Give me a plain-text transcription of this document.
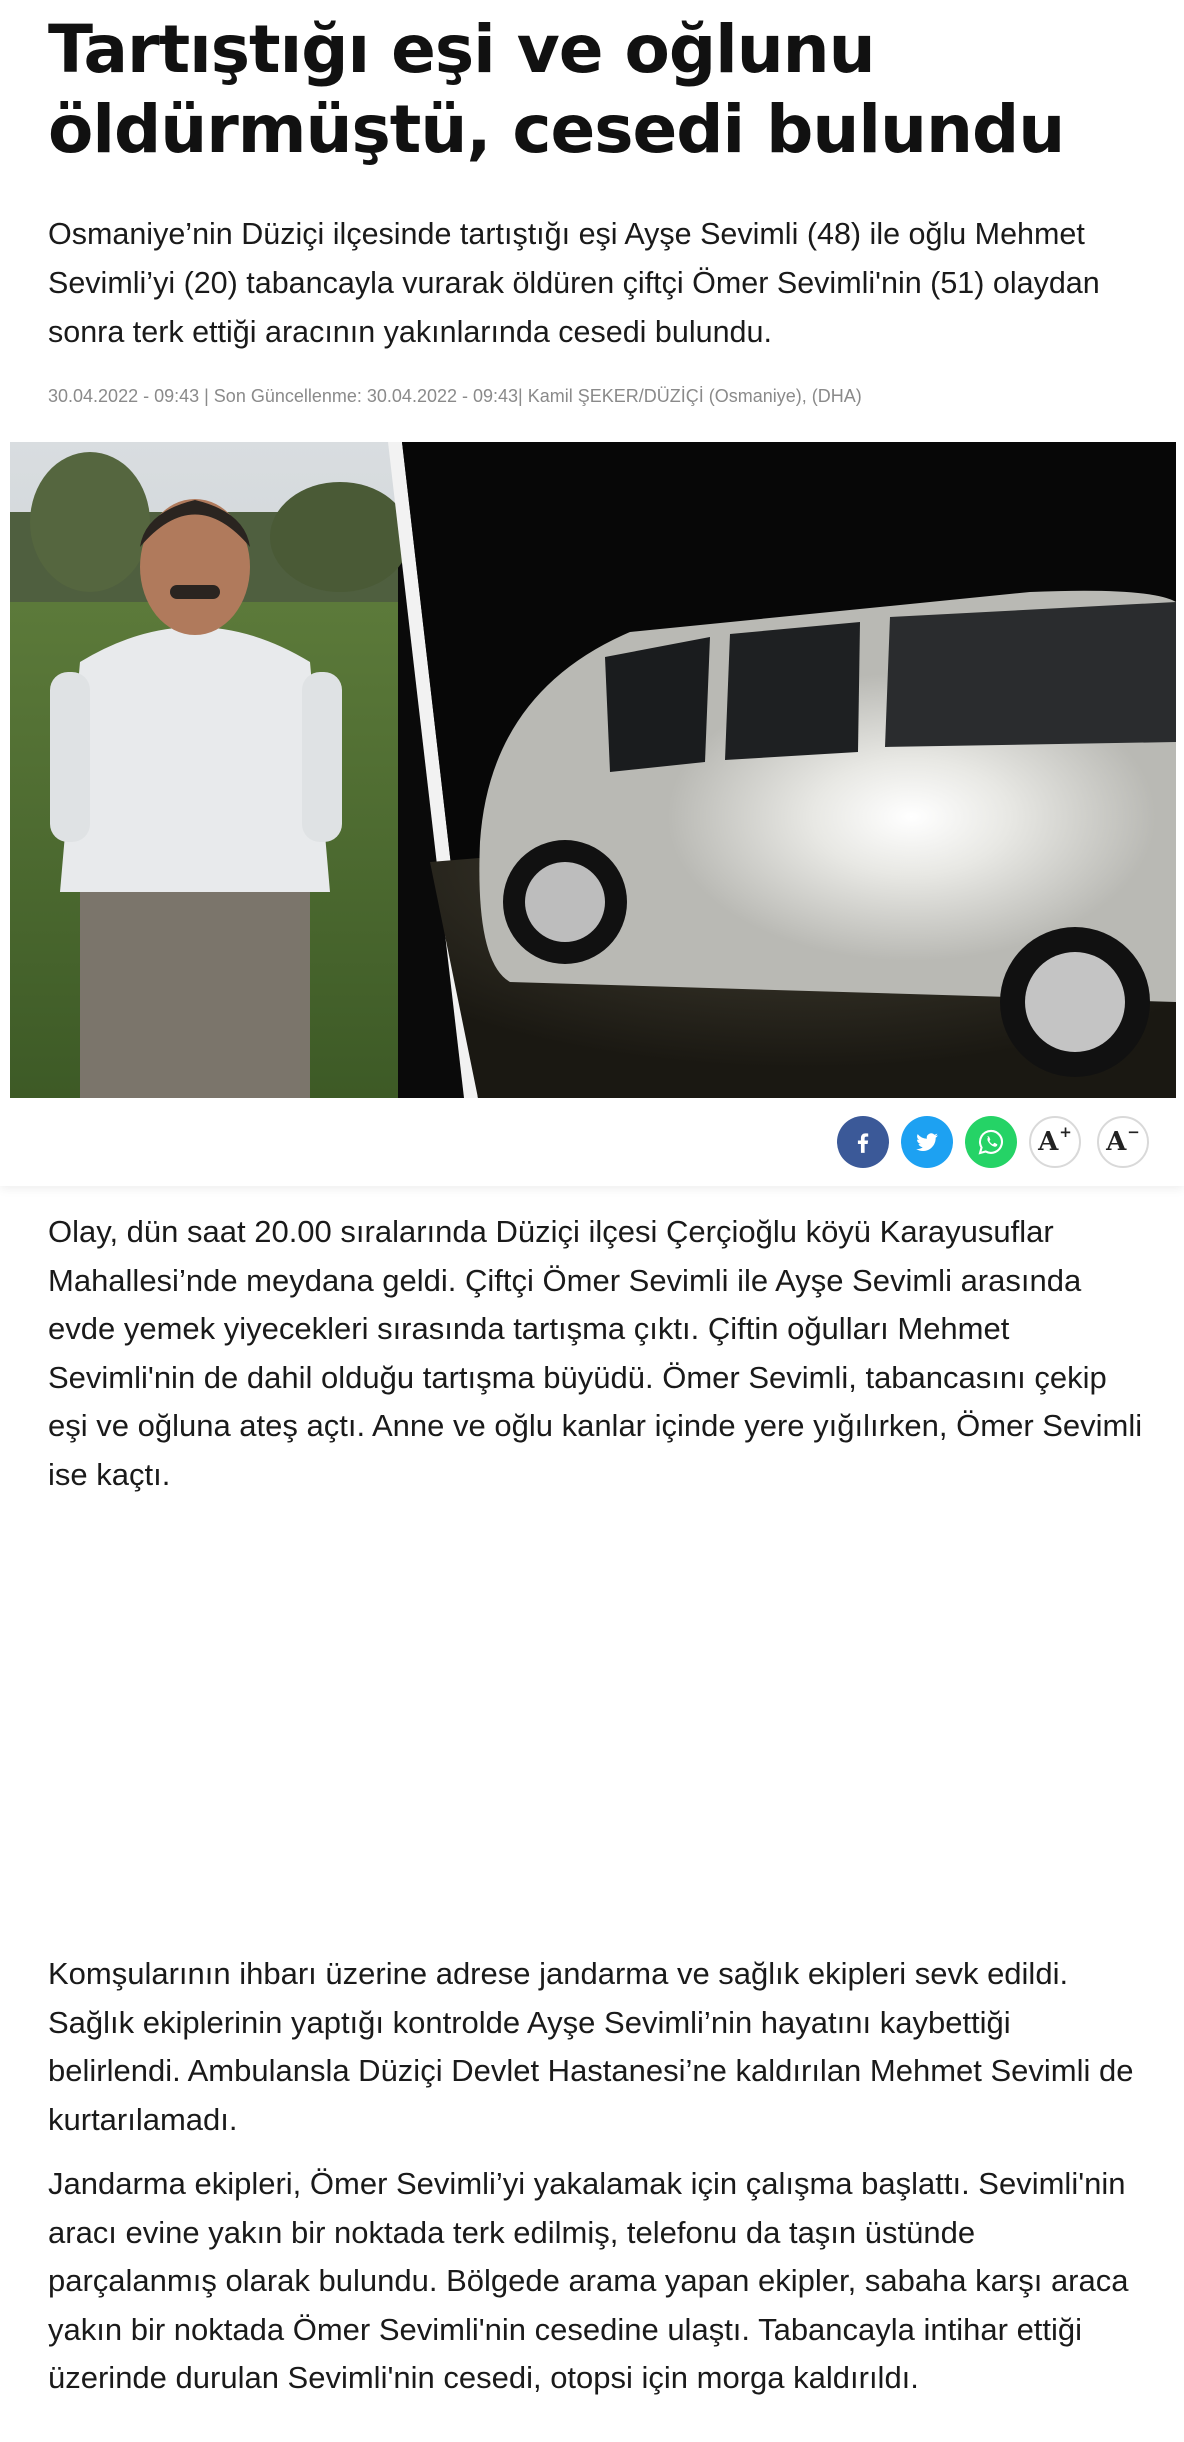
Tartıştığı eşi ve oğlunu öldürmüştü, cesedi bulundu

Osmaniye’nin Düziçi ilçesinde tartıştığı eşi Ayşe Sevimli (48) ile oğlu Mehmet Sevimli’yi (20) tabancayla vurarak öldüren çiftçi Ömer Sevimli'nin (51) olaydan sonra terk ettiği aracının yakınlarında cesedi bulundu.

30.04.2022 - 09:43 | Son Güncellenme: 30.04.2022 - 09:43| Kamil ŞEKER/DÜZİÇİ (Osmaniye), (DHA)

A + A −

Olay, dün saat 20.00 sıralarında Düziçi ilçesi Çerçioğlu köyü Karayusuflar Mahallesi’nde meydana geldi. Çiftçi Ömer Sevimli ile Ayşe Sevimli arasında evde yemek yiyecekleri sırasında tartışma çıktı. Çiftin oğulları Mehmet Sevimli'nin de dahil olduğu tartışma büyüdü. Ömer Sevimli, tabancasını çekip eşi ve oğluna ateş açtı. Anne ve oğlu kanlar içinde yere yığılırken, Ömer Sevimli ise kaçtı.

Komşularının ihbarı üzerine adrese jandarma ve sağlık ekipleri sevk edildi. Sağlık ekiplerinin yaptığı kontrolde Ayşe Sevimli’nin hayatını kaybettiği belirlendi. Ambulansla Düziçi Devlet Hastanesi’ne kaldırılan Mehmet Sevimli de kurtarılamadı.

Jandarma ekipleri, Ömer Sevimli’yi yakalamak için çalışma başlattı. Sevimli'nin aracı evine yakın bir noktada terk edilmiş, telefonu da taşın üstünde parçalanmış olarak bulundu. Bölgede arama yapan ekipler, sabaha karşı araca yakın bir noktada Ömer Sevimli'nin cesedine ulaştı. Tabancayla intihar ettiği üzerinde durulan Sevimli'nin cesedi, otopsi için morga kaldırıldı.
